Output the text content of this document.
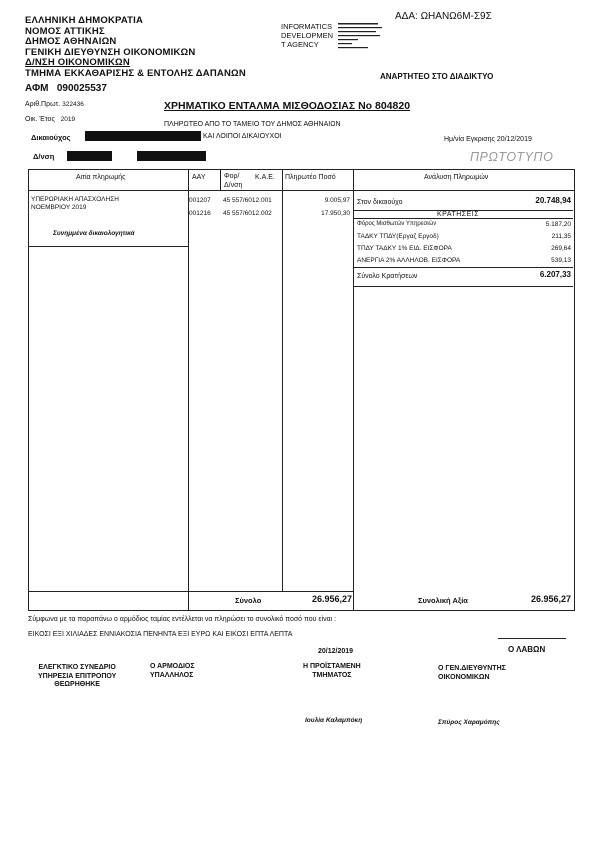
ΕΛΛΗΝΙΚΗ ΔΗΜΟΚΡΑΤΙΑ
ΝΟΜΟΣ ΑΤΤΙΚΗΣ
ΔΗΜΟΣ ΑΘΗΝΑΙΩΝ
ΓΕΝΙΚΗ ΔΙΕΥΘΥΝΣΗ ΟΙΚΟΝΟΜΙΚΩΝ
Δ/ΝΣΗ ΟΙΚΟΝΟΜΙΚΩΝ
ΤΜΗΜΑ ΕΚΚΑΘΑΡΙΣΗΣ & ΕΝΤΟΛΗΣ ΔΑΠΑΝΩΝ
ΑΦΜ 090025537
INFORMATICS
DEVELOPMEN
T AGENCY
ΑΔΑ: ΩΗΑΝΩ6Μ-Σ9Σ
ΑΝΑΡΤΗΤΕΟ ΣΤΟ ΔΙΑΔΙΚΤΥΟ
Αριθ.Πρωτ. 322436
Οικ. Έτος 2019
ΧΡΗΜΑΤΙΚΟ ΕΝΤΑΛΜΑ ΜΙΣΘΟΔΟΣΙΑΣ Νο 804820
ΠΛΗΡΩΤΕΟ ΑΠΟ ΤΟ ΤΑΜΕΙΟ ΤΟΥ ΔΗΜΟΣ ΑΘΗΝΑΙΩΝ
Δικαιούχος	ΚΑΙ ΛΟΙΠΟΙ ΔΙΚΑΙΟΥΧΟΙ	Ημ/νία Εγκρισης 20/12/2019
Δ/νση	ΠΡΩΤΟΤΥΠΟ
Αιτία πληρωμής	ΑΑΥ	Φορ/
Δ/νση
Κ.Α.Ε. Πληρωτέο Ποσό	Ανάλυση Πληρωμών
ΥΠΕΡΩΡΙΑΚΗ ΑΠΑΣΧΟΛΗΣΗ
ΝΟΕΜΒΡΙΟΥ 2019
Συνημμένα δικαιολογητικά
001207 45 557/6012.001	9.005,97
001216 45 557/6012.002	17.950,30
Στον δικαιούχο	20.748,94
ΚΡΑΤΗΣΕΙΣ
Φόρος Μισθωτών Υπηρεσιών	5.187,20
ΤΑΔΚΥ ΤΠΔΥ(Εργαζ Εργοδ)	211,35
ΤΠΔΥ ΤΑΔΚΥ 1% ΕΙΔ. ΕΙΣΦΟΡΑ	269,64
ΑΝΕΡΓΙΑ 2% ΑΛΛΗΛΟΒ. ΕΙΣΦΟΡΑ	539,13
Σύνολο Κρατήσεων	6.207,33
Σύνολο	26.956,27	Συνολική Αξία	26.956,27
Σύμφωνα με τα παραπάνω ο αρμόδιος ταμίας εντέλλεται να πληρώσει το συνολικό ποσό που είναι :
ΕΙΚΟΣΙ ΕΞΙ ΧΙΛΙΑΔΕΣ ΕΝΝΙΑΚΟΣΙΑ ΠΕΝΗΝΤΑ ΕΞΙ ΕΥΡΩ ΚΑΙ ΕΙΚΟΣΙ ΕΠΤΑ ΛΕΠΤΑ
Ο ΛΑΒΩΝ
20/12/2019
ΕΛΕΓΚΤΙΚΟ ΣΥΝΕΔΡΙΟ
ΥΠΗΡΕΣΙΑ ΕΠΙΤΡΟΠΟΥ
ΘΕΩΡΗΘΗΚΕ
Ο ΑΡΜΟΔΙΟΣ
ΥΠΑΛΛΗΛΟΣ
Η ΠΡΟΪΣΤΑΜΕΝΗ
ΤΜΗΜΑΤΟΣ
Ο ΓΕΝ.ΔΙΕΥΘΥΝΤΗΣ
ΟΙΚΟΝΟΜΙΚΩΝ
Ιουλία Καλαμπόκη	Σπύρος Χαραμόπης
